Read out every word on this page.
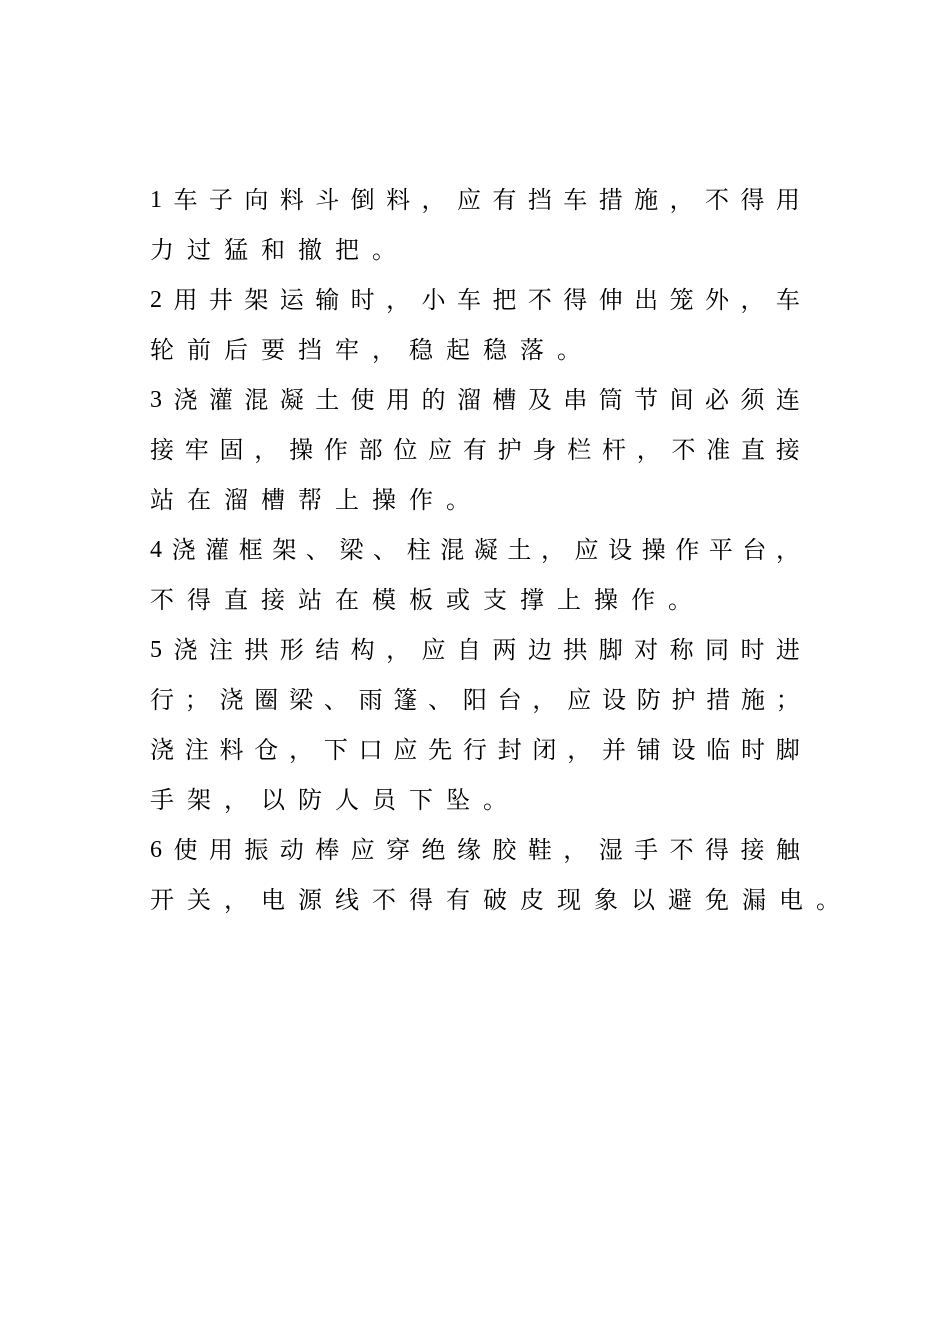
1 车 子 向 料 斗 倒 料 ， 应 有 挡 车 措 施 ， 不 得 用
力 过 猛 和 撤 把 。
2 用 井 架 运 输 时 ， 小 车 把 不 得 伸 出 笼 外 ， 车
轮 前 后 要 挡 牢 ， 稳 起 稳 落 。
3 浇 灌 混 凝 土 使 用 的 溜 槽 及 串 筒 节 间 必 须 连
接 牢 固 ， 操 作 部 位 应 有 护 身 栏 杆 ， 不 准 直 接
站 在 溜 槽 帮 上 操 作 。
4 浇 灌 框 架 、 梁 、 柱 混 凝 土 ， 应 设 操 作 平 台 ，
不 得 直 接 站 在 模 板 或 支 撑 上 操 作 。
5 浇 注 拱 形 结 构 ， 应 自 两 边 拱 脚 对 称 同 时 进
行 ； 浇 圈 梁 、 雨 篷 、 阳 台 ， 应 设 防 护 措 施 ；
浇 注 料 仓 ， 下 口 应 先 行 封 闭 ， 并 铺 设 临 时 脚
手 架 ， 以 防 人 员 下 坠 。
6 使 用 振 动 棒 应 穿 绝 缘 胶 鞋 ， 湿 手 不 得 接 触
开 关 ， 电 源 线 不 得 有 破 皮 现 象 以 避 免 漏 电 。
